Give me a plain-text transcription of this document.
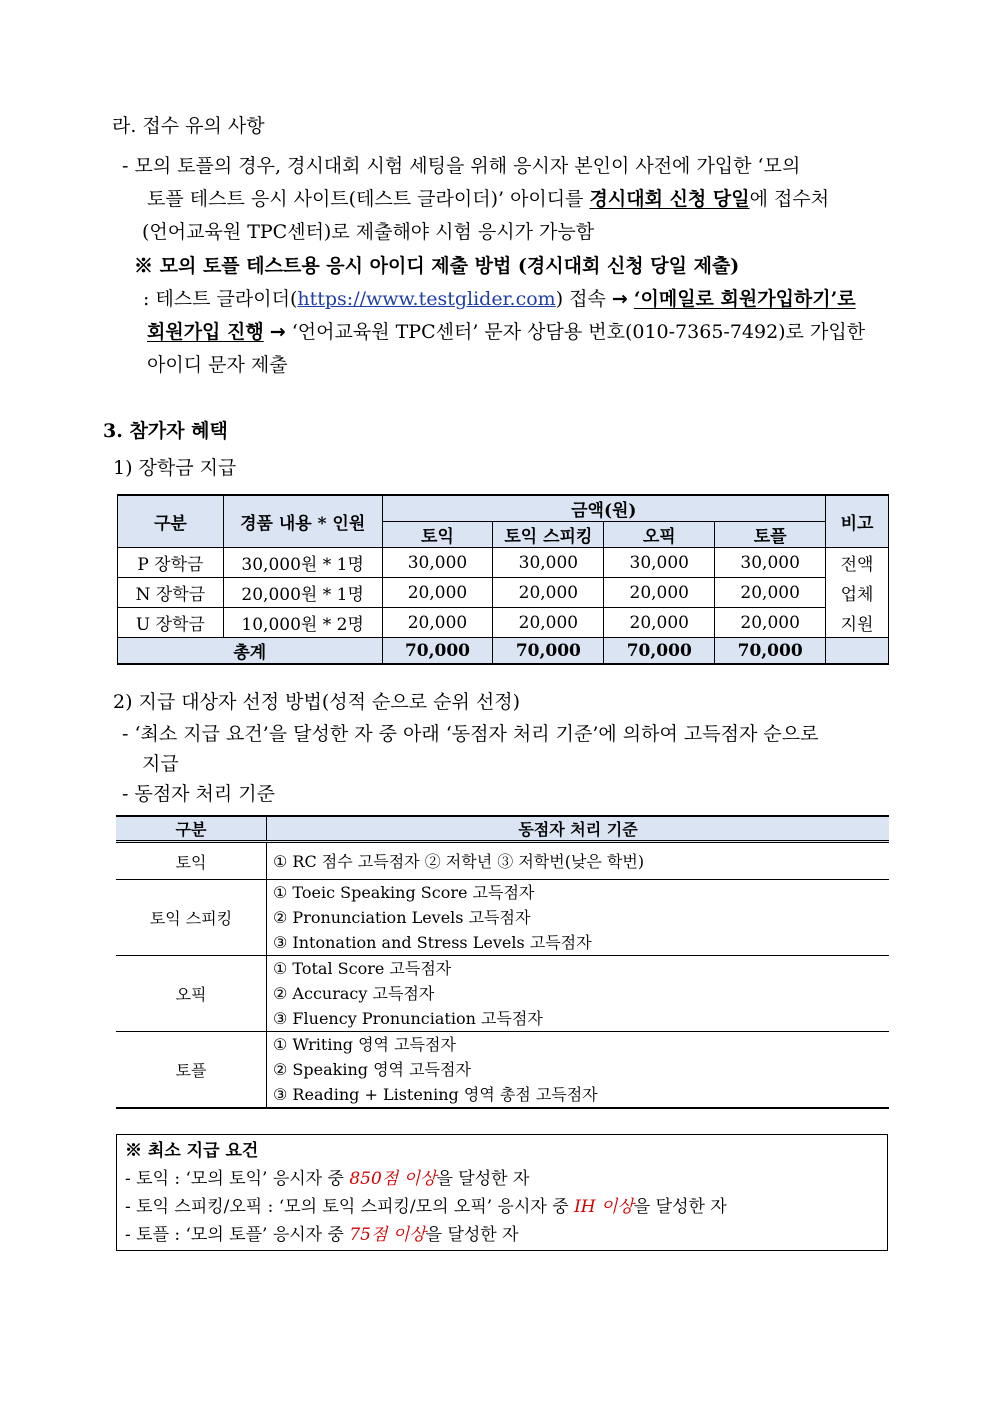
라. 접수 유의 사항
- 모의 토플의 경우, 경시대회 시험 세팅을 위해 응시자 본인이 사전에 가입한 ‘모의
토플 테스트 응시 사이트(테스트 글라이더)’ 아이디를 경시대회 신청 당일에 접수처
(언어교육원 TPC센터)로 제출해야 시험 응시가 가능함
※ 모의 토플 테스트용 응시 아이디 제출 방법 (경시대회 신청 당일 제출)
: 테스트 글라이더(https://www.testglider.com) 접속 → ‘이메일로 회원가입하기’로
회원가입 진행 → ‘언어교육원 TPC센터’ 문자 상담용 번호(010-7365-7492)로 가입한
아이디 문자 제출
3. 참가자 혜택
1) 장학금 지급
구분	경품 내용 * 인원	금액(원)				비고
		토익	토익 스피킹	오픽	토플	
P 장학금	30,000원 * 1명	30,000	30,000	30,000	30,000	전액
N 장학금	20,000원 * 1명	20,000	20,000	20,000	20,000	업체
U 장학금	10,000원 * 2명	20,000	20,000	20,000	20,000	지원
총계		70,000	70,000	70,000	70,000	
2) 지급 대상자 선정 방법(성적 순으로 순위 선정)
- ‘최소 지급 요건’을 달성한 자 중 아래 ‘동점자 처리 기준’에 의하여 고득점자 순으로
지급
- 동점자 처리 기준
구분	동점자 처리 기준
토익	① RC 점수 고득점자 ② 저학년 ③ 저학번(낮은 학번)

토익 스피킹	① Toeic Speaking Score 고득점자
② Pronunciation Levels 고득점자
③ Intonation and Stress Levels 고득점자

오픽	① Total Score 고득점자
② Accuracy 고득점자
③ Fluency Pronunciation 고득점자

토플	① Writing 영역 고득점자
② Speaking 영역 고득점자
③ Reading + Listening 영역 총점 고득점자
※ 최소 지급 요건
- 토익 : ‘모의 토익’ 응시자 중 850점 이상을 달성한 자
- 토익 스피킹/오픽 : ‘모의 토익 스피킹/모의 오픽’ 응시자 중 IH 이상을 달성한 자
- 토플 : ‘모의 토플’ 응시자 중 75점 이상을 달성한 자
